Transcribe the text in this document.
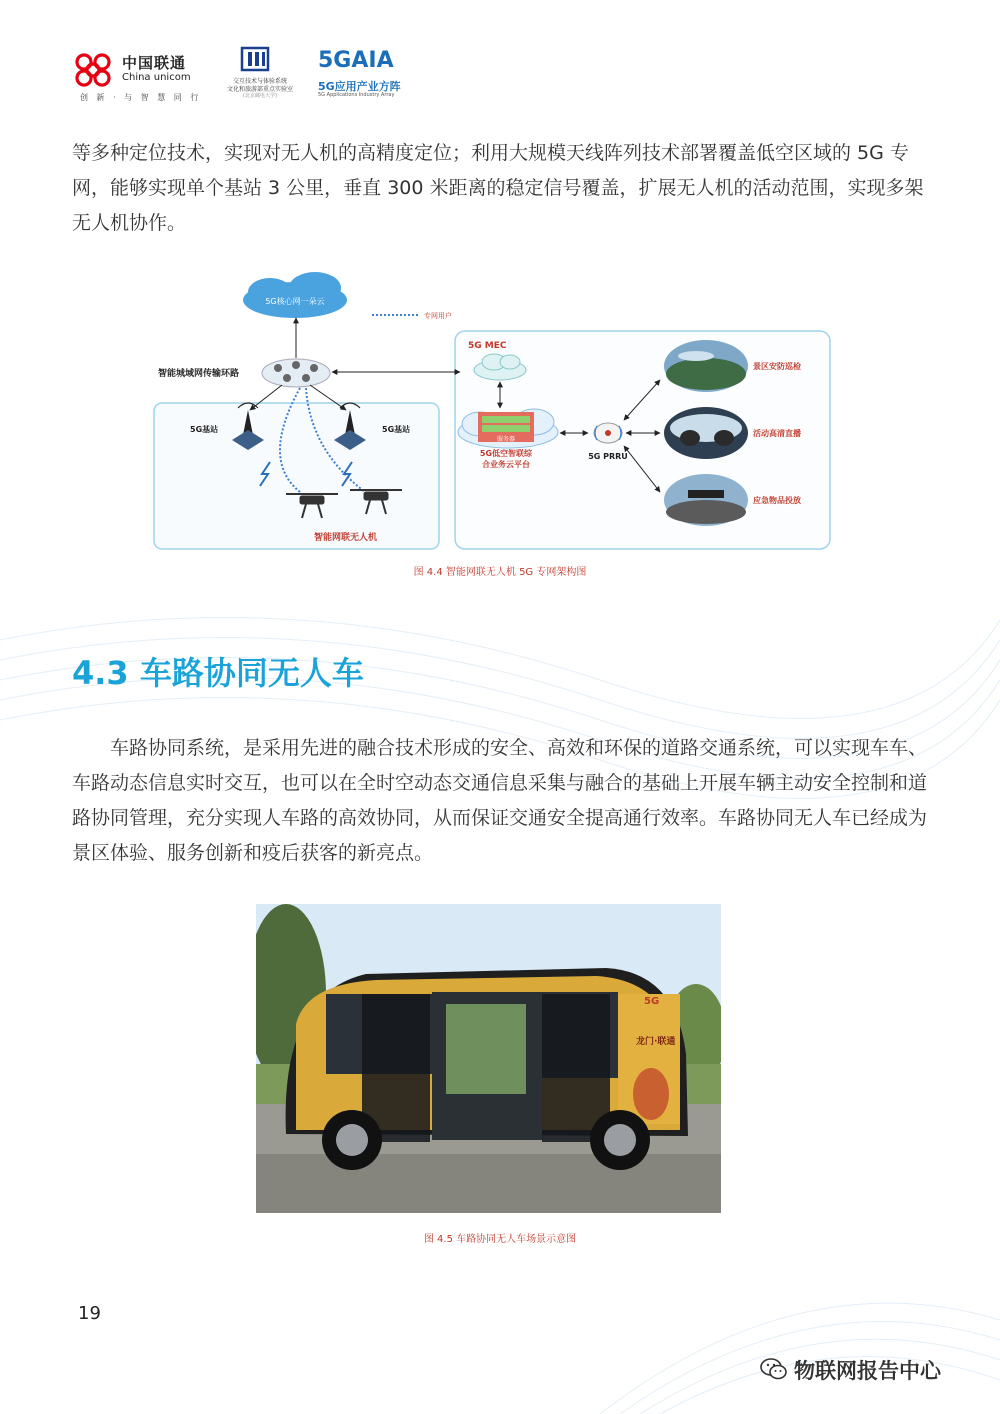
中国联通
China unicom
创 新 · 与 智 慧 同 行
交互技术与体验系统
文化和旅游部重点实验室
(北京邮电大学)
5GAIA
5G应用产业方阵
5G Applications Industry Array

等多种定位技术，实现对无人机的高精度定位；利用大规模天线阵列技术部署覆盖低空区域的 5G 专网，能够实现单个基站 3 公里，垂直 300 米距离的稳定信号覆盖，扩展无人机的活动范围，实现多架无人机协作。

5G核心网一朵云
专网用户
智能城域网传输环路
5G基站	5G基站
智能网联无人机
5G MEC
服务器
5G低空智联综
合业务云平台
5G PRRU
景区安防巡检
活动高清直播
应急物品投放
图 4.4 智能网联无人机 5G 专网架构图
4.3 车路协同无人车

车路协同系统，是采用先进的融合技术形成的安全、高效和环保的道路交通系统，可以实现车车、车路动态信息实时交互，也可以在全时空动态交通信息采集与融合的基础上开展车辆主动安全控制和道路协同管理，充分实现人车路的高效协同，从而保证交通安全提高通行效率。车路协同无人车已经成为景区体验、服务创新和疫后获客的新亮点。

5G
龙门·联通
图 4.5 车路协同无人车场景示意图
19
物联网报告中心
